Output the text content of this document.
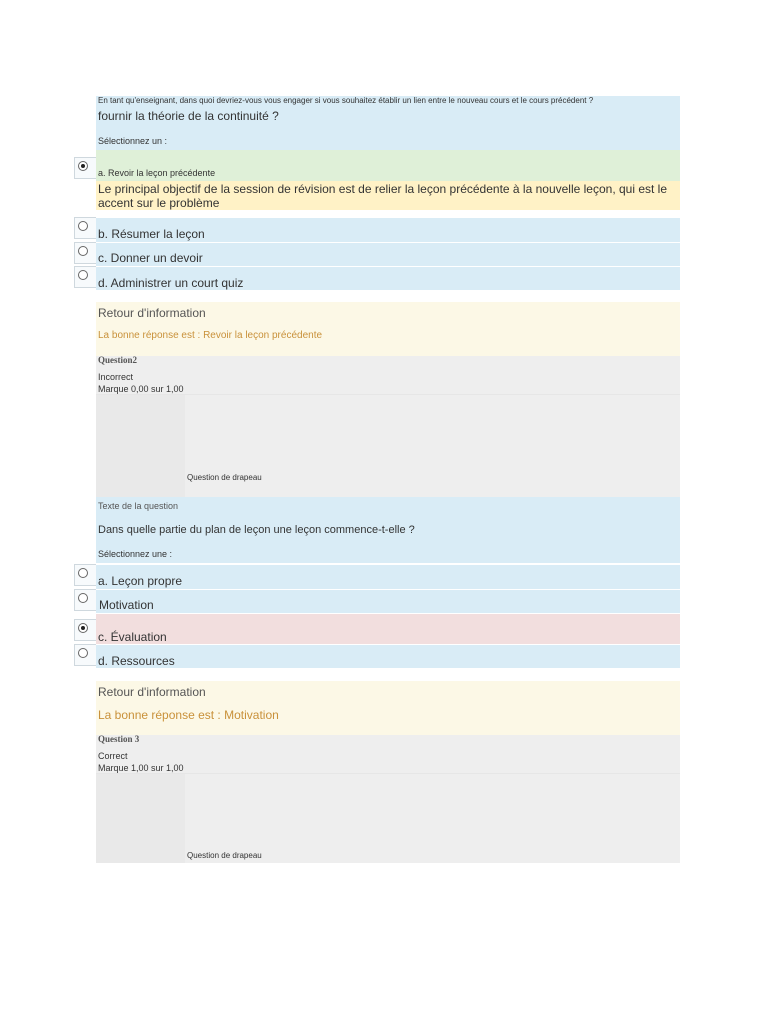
En tant qu'enseignant, dans quoi devriez-vous vous engager si vous souhaitez établir un lien entre le nouveau cours et le cours précédent ?
fournir la théorie de la continuité ?
Sélectionnez un :
a. Revoir la leçon précédente
Le principal objectif de la session de révision est de relier la leçon précédente à la nouvelle leçon, qui est le
accent sur le problème
b. Résumer la leçon
c. Donner un devoir
d. Administrer un court quiz
Retour d'information
La bonne réponse est : Revoir la leçon précédente
Question2
Incorrect
Marque 0,00 sur 1,00
Question de drapeau
Texte de la question
Dans quelle partie du plan de leçon une leçon commence-t-elle ?
Sélectionnez une :
a. Leçon propre
Motivation
c. Évaluation
d. Ressources
Retour d'information
La bonne réponse est : Motivation
Question 3
Correct
Marque 1,00 sur 1,00
Question de drapeau
